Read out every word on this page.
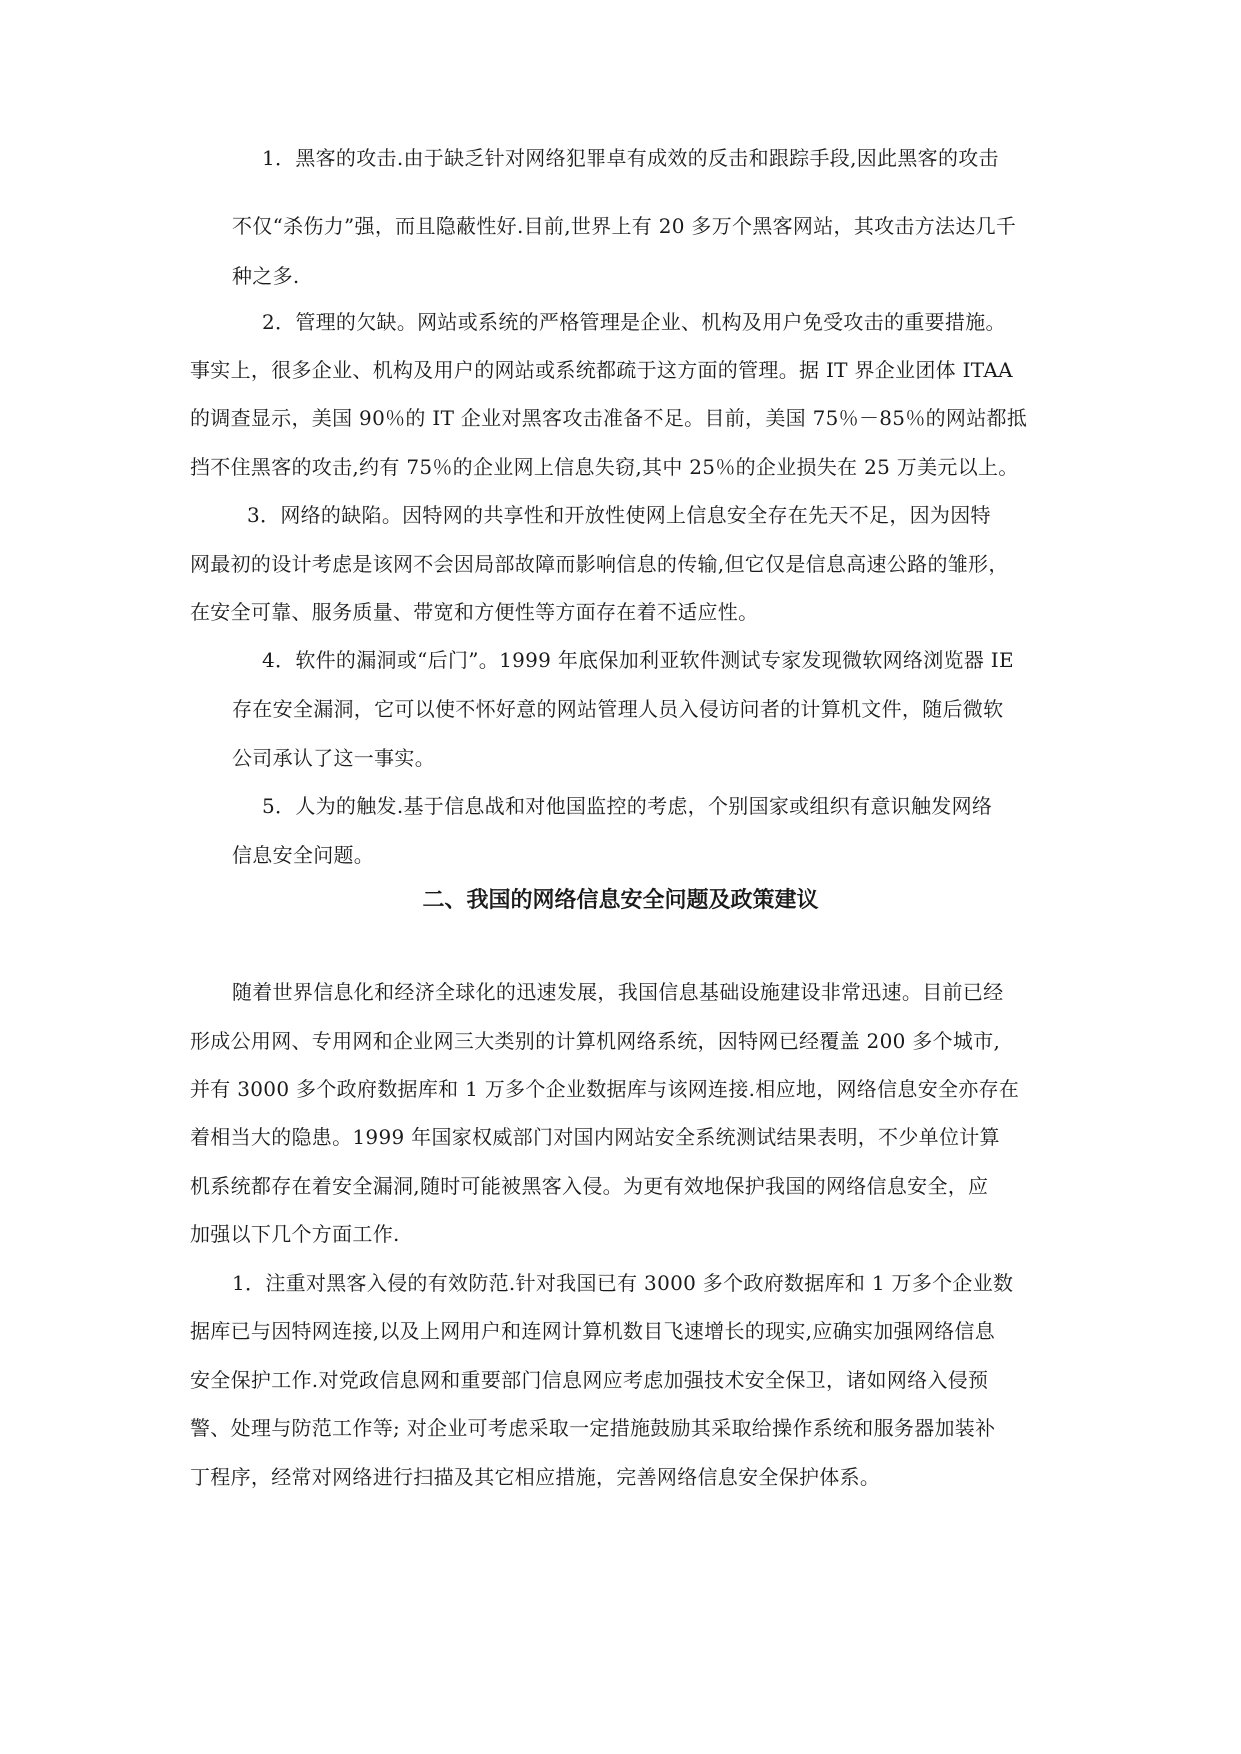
1．黑客的攻击.由于缺乏针对网络犯罪卓有成效的反击和跟踪手段,因此黑客的攻击
不仅“杀伤力”强，而且隐蔽性好.目前,世界上有 20 多万个黑客网站，其攻击方法达几千
种之多.
2．管理的欠缺。网站或系统的严格管理是企业、机构及用户免受攻击的重要措施。
事实上，很多企业、机构及用户的网站或系统都疏于这方面的管理。据 IT 界企业团体 ITAA
的调查显示，美国 90％的 IT 企业对黑客攻击准备不足。目前，美国 75％－85％的网站都抵
挡不住黑客的攻击,约有 75％的企业网上信息失窃,其中 25％的企业损失在 25 万美元以上。
3．网络的缺陷。因特网的共享性和开放性使网上信息安全存在先天不足，因为因特
网最初的设计考虑是该网不会因局部故障而影响信息的传输,但它仅是信息高速公路的雏形，
在安全可靠、服务质量、带宽和方便性等方面存在着不适应性。
4．软件的漏洞或“后门”。1999 年底保加利亚软件测试专家发现微软网络浏览器 IE
存在安全漏洞，它可以使不怀好意的网站管理人员入侵访问者的计算机文件，随后微软
公司承认了这一事实。
5．人为的触发.基于信息战和对他国监控的考虑，个别国家或组织有意识触发网络
信息安全问题。
二、我国的网络信息安全问题及政策建议
随着世界信息化和经济全球化的迅速发展，我国信息基础设施建设非常迅速。目前已经
形成公用网、专用网和企业网三大类别的计算机网络系统，因特网已经覆盖 200 多个城市,
并有 3000 多个政府数据库和 1 万多个企业数据库与该网连接.相应地，网络信息安全亦存在
着相当大的隐患。1999 年国家权威部门对国内网站安全系统测试结果表明，不少单位计算
机系统都存在着安全漏洞,随时可能被黑客入侵。为更有效地保护我国的网络信息安全，应
加强以下几个方面工作.
1．注重对黑客入侵的有效防范.针对我国已有 3000 多个政府数据库和 1 万多个企业数
据库已与因特网连接,以及上网用户和连网计算机数目飞速增长的现实,应确实加强网络信息
安全保护工作.对党政信息网和重要部门信息网应考虑加强技术安全保卫，诸如网络入侵预
警、处理与防范工作等; 对企业可考虑采取一定措施鼓励其采取给操作系统和服务器加装补
丁程序，经常对网络进行扫描及其它相应措施，完善网络信息安全保护体系。
